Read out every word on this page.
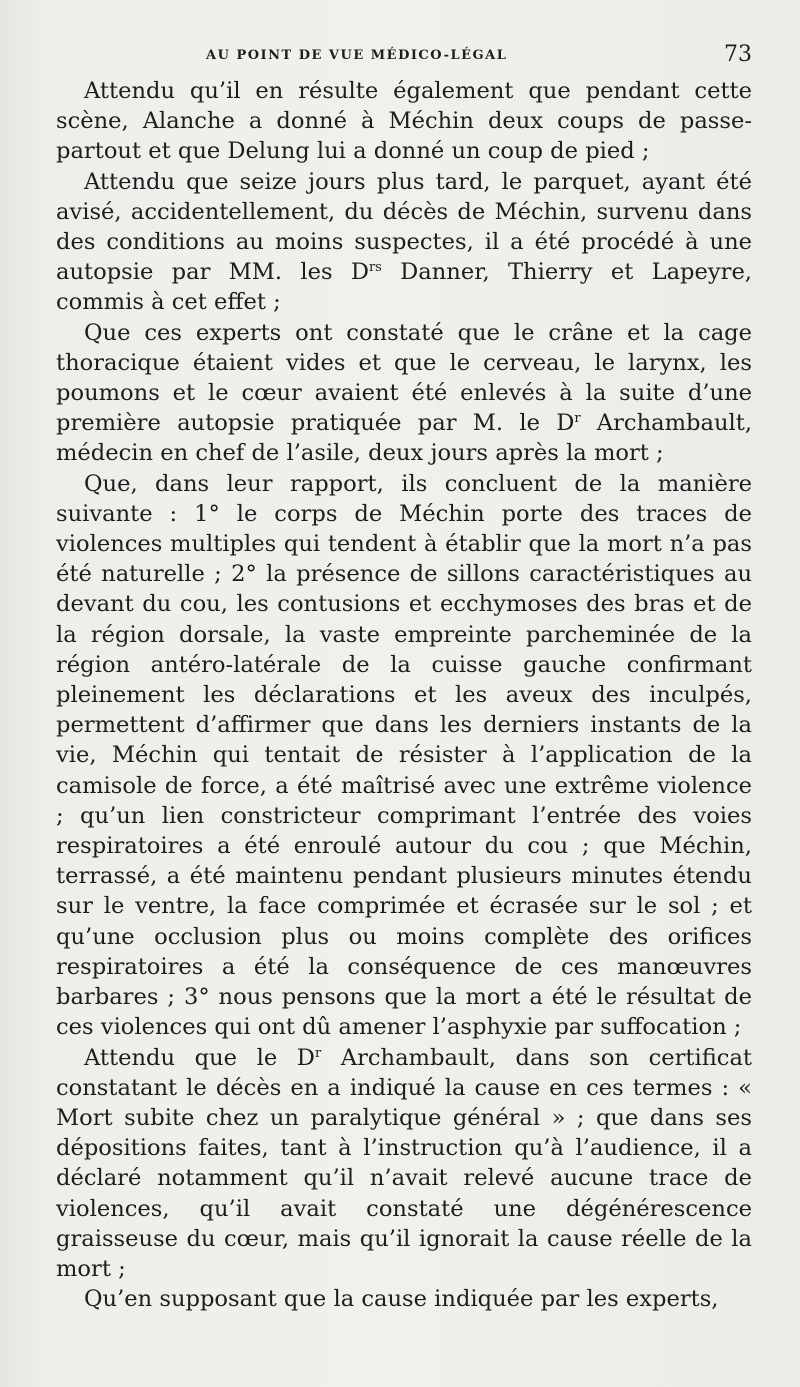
AU POINT DE VUE MÉDICO-LÉGAL	73

Attendu qu’il en résulte également que pendant cette scène, Alanche a donné à Méchin deux coups de passe-partout et que Delung lui a donné un coup de pied ;

Attendu que seize jours plus tard, le parquet, ayant été avisé, accidentellement, du décès de Méchin, survenu dans des conditions au moins suspectes, il a été procédé à une autopsie par MM. les $D^{rs}$ Danner, Thierry et Lapeyre, commis à cet effet ;

Que ces experts ont constaté que le crâne et la cage thoracique étaient vides et que le cerveau, le larynx, les poumons et le cœur avaient été enlevés à la suite d’une première autopsie pratiquée par M. le $D^r$ Archambault, médecin en chef de l’asile, deux jours après la mort ;

Que, dans leur rapport, ils concluent de la manière suivante : 1° le corps de Méchin porte des traces de violences multiples qui tendent à établir que la mort n’a pas été naturelle ; 2° la présence de sillons caractéristiques au devant du cou, les contusions et ecchymoses des bras et de la région dorsale, la vaste empreinte parcheminée de la région antéro-latérale de la cuisse gauche confirmant pleinement les déclarations et les aveux des inculpés, permettent d’affirmer que dans les derniers instants de la vie, Méchin qui tentait de résister à l’application de la camisole de force, a été maîtrisé avec une extrême violence ; qu’un lien constricteur comprimant l’entrée des voies respiratoires a été enroulé autour du cou ; que Méchin, terrassé, a été maintenu pendant plusieurs minutes étendu sur le ventre, la face comprimée et écrasée sur le sol ; et qu’une occlusion plus ou moins complète des orifices respiratoires a été la conséquence de ces manœuvres barbares ; 3° nous pensons que la mort a été le résultat de ces violences qui ont dû amener l’asphyxie par suffocation ;

Attendu que le $D^r$ Archambault, dans son certificat constatant le décès en a indiqué la cause en ces termes : « Mort subite chez un paralytique général » ; que dans ses dépositions faites, tant à l’instruction qu’à l’audience, il a déclaré notamment qu’il n’avait relevé aucune trace de violences, qu’il avait constaté une dégénérescence graisseuse du cœur, mais qu’il ignorait la cause réelle de la mort ;

Qu’en supposant que la cause indiquée par les experts,
